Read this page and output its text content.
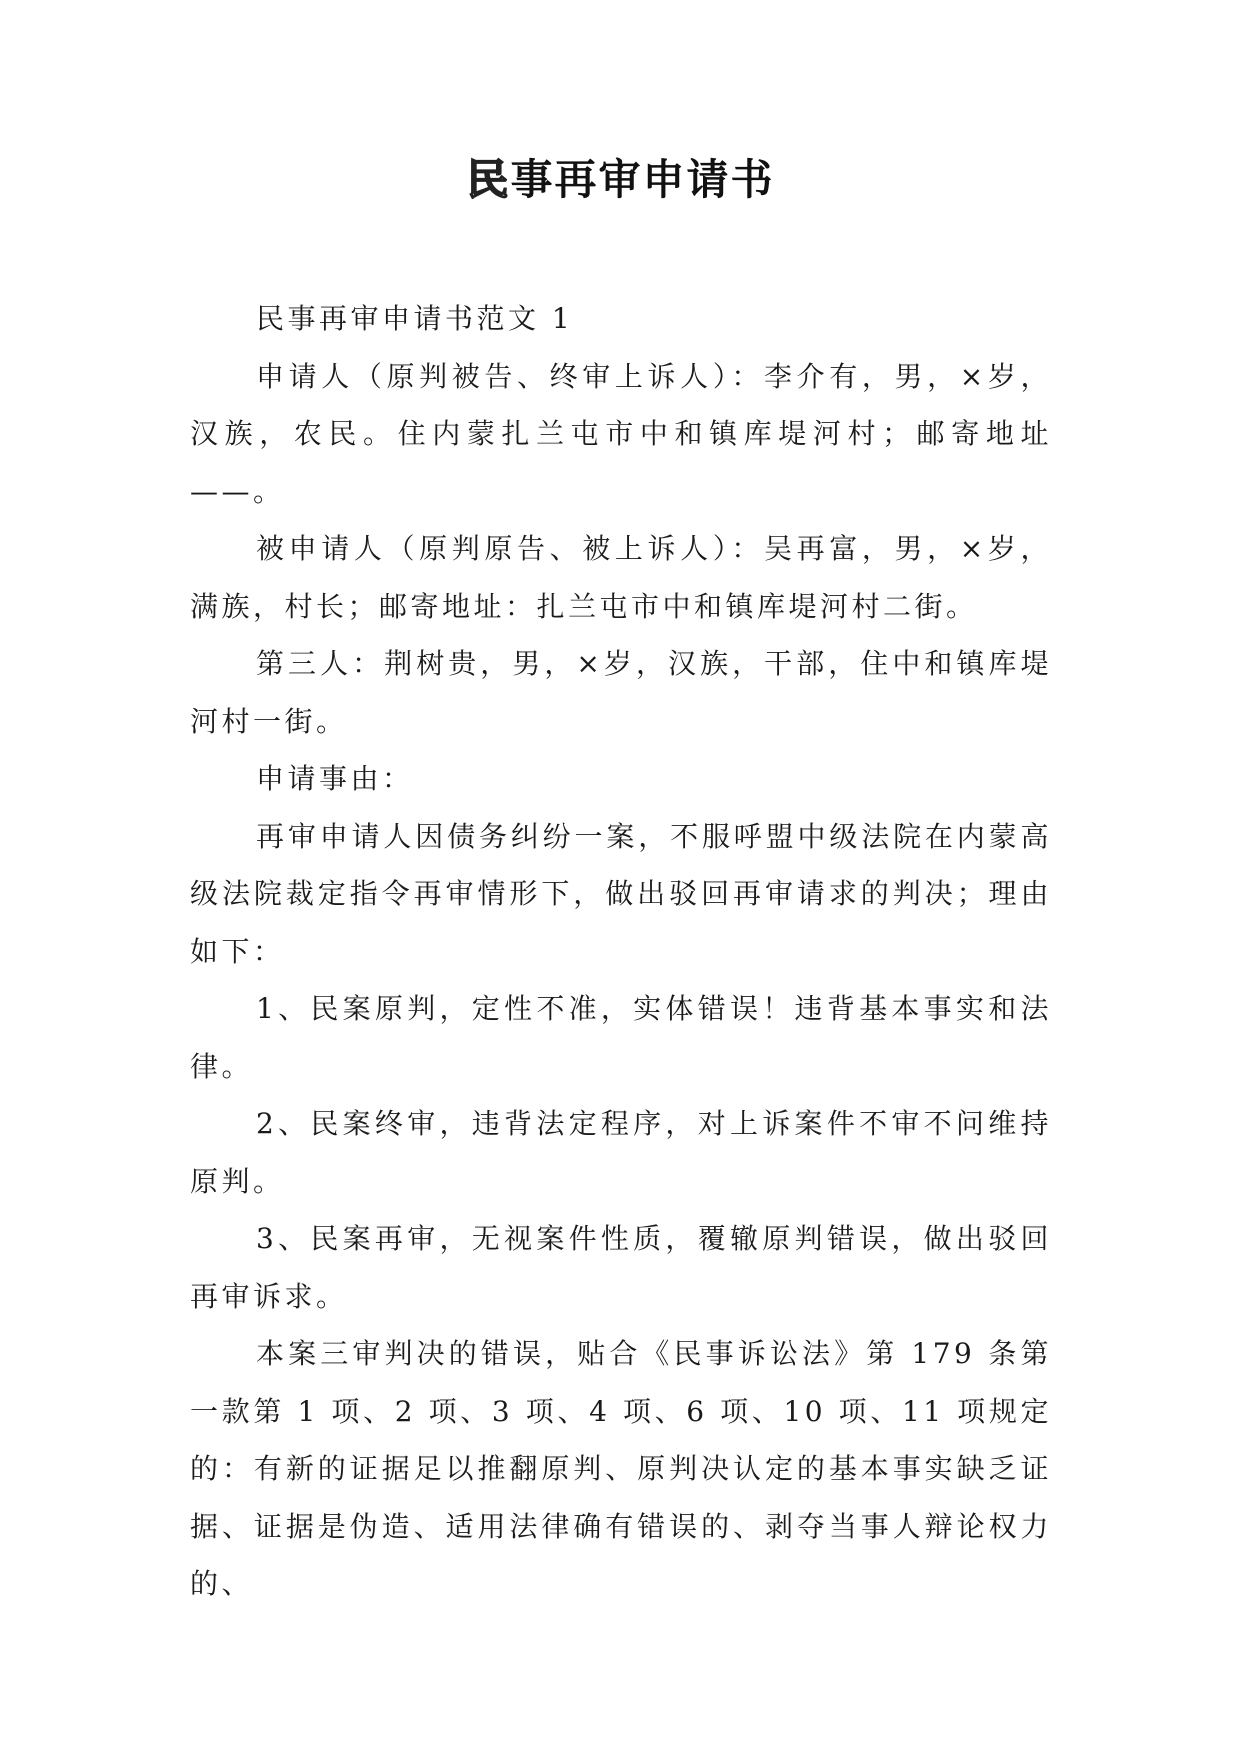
民事再审申请书

民事再审申请书范文 1

申请人（原判被告、终审上诉人）：李介有，男，×岁，汉族，农民。住内蒙扎兰屯市中和镇库堤河村；邮寄地址——。

被申请人（原判原告、被上诉人）：吴再富，男，×岁，满族，村长；邮寄地址：扎兰屯市中和镇库堤河村二街。

第三人：荆树贵，男，×岁，汉族，干部，住中和镇库堤河村一街。

申请事由：

再审申请人因债务纠纷一案，不服呼盟中级法院在内蒙高级法院裁定指令再审情形下，做出驳回再审请求的判决；理由如下：

1、民案原判，定性不准，实体错误！违背基本事实和法律。

2、民案终审，违背法定程序，对上诉案件不审不问维持原判。

3、民案再审，无视案件性质，覆辙原判错误，做出驳回再审诉求。

本案三审判决的错误，贴合《民事诉讼法》第 179 条第一款第 1 项、2 项、3 项、4 项、6 项、10 项、11 项规定的：有新的证据足以推翻原判、原判决认定的基本事实缺乏证据、证据是伪造、适用法律确有错误的、剥夺当事人辩论权力的、
